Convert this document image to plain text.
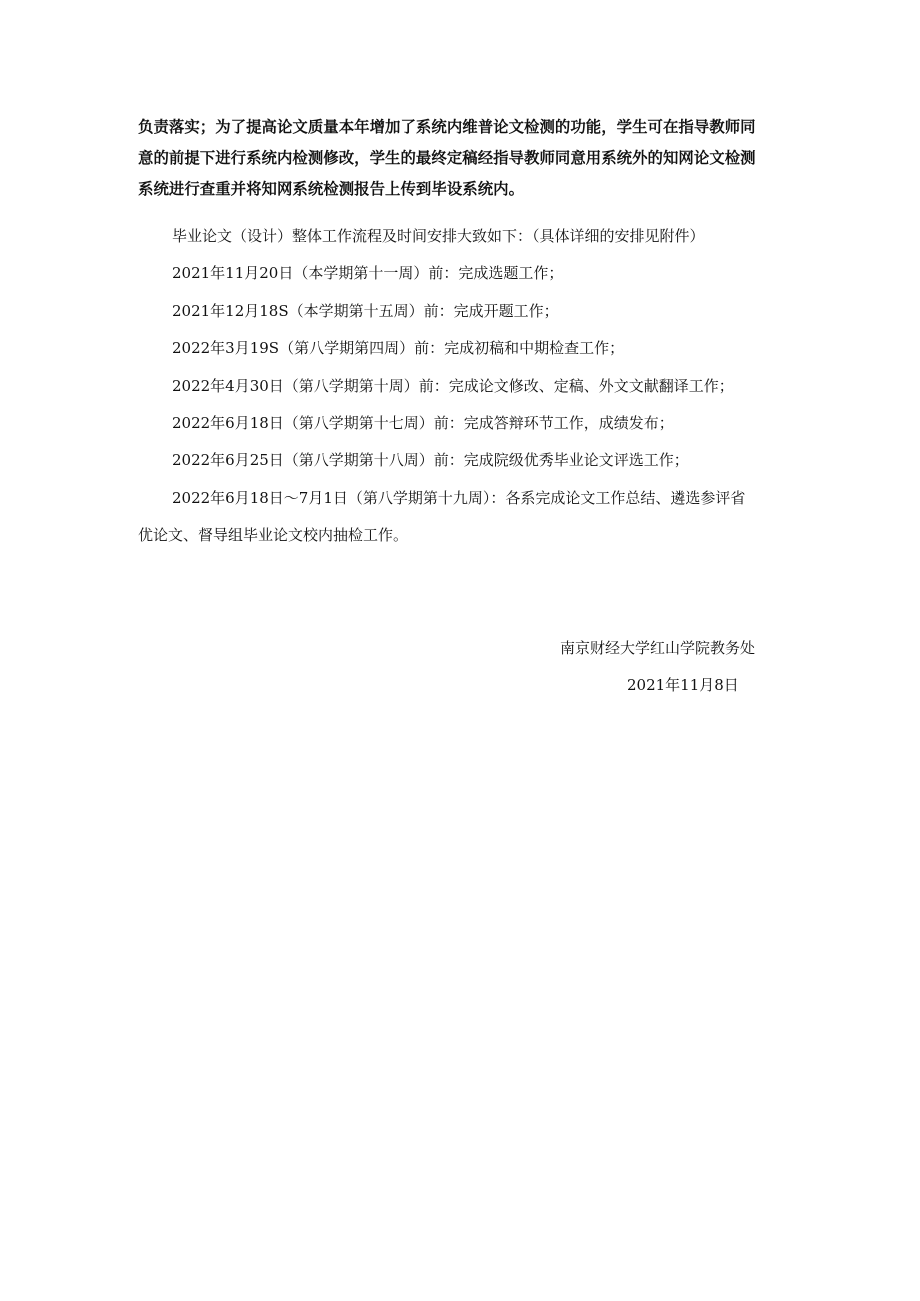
负责落实；为了提高论文质量本年增加了系统内维普论文检测的功能，学生可在指导教师同
意的前提下进行系统内检测修改，学生的最终定稿经指导教师同意用系统外的知网论文检测
系统进行查重并将知网系统检测报告上传到毕设系统内。
毕业论文（设计）整体工作流程及时间安排大致如下：（具体详细的安排见附件）
2021年11月20日（本学期第十一周）前：完成选题工作；
2021年12月18S（本学期第十五周）前：完成开题工作；
2022年3月19S（第八学期第四周）前：完成初稿和中期检查工作；
2022年4月30日（第八学期第十周）前：完成论文修改、定稿、外文文献翻译工作；
2022年6月18日（第八学期第十七周）前：完成答辩环节工作，成绩发布；
2022年6月25日（第八学期第十八周）前：完成院级优秀毕业论文评选工作；
2022年6月18日～7月1日（第八学期第十九周）：各系完成论文工作总结、遴选参评省
优论文、督导组毕业论文校内抽检工作。
南京财经大学红山学院教务处
2021年11月8日
